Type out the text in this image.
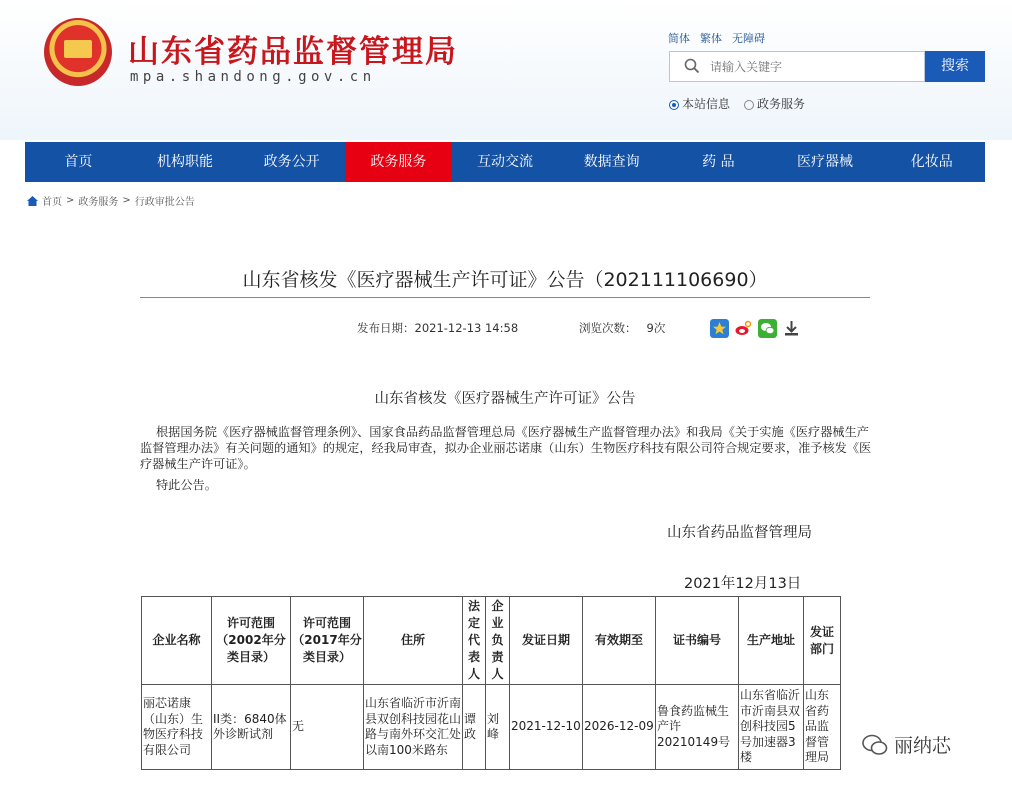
山东省药品监督管理局
mpa.shandong.gov.cn
简体 繁体 无障碍
请输入关键字
搜索
本站信息 政务服务
首页	机构职能	政务公开	政务服务	互动交流	数据查询	药 品	医疗器械	化妆品
首页 > 政务服务 > 行政审批公告
山东省核发《医疗器械生产许可证》公告（202111106690）
发布日期：2021-12-13 14:58	浏览次数： 9次
山东省核发《医疗器械生产许可证》公告
根据国务院《医疗器械监督管理条例》、国家食品药品监督管理总局《医疗器械生产监督管理办法》和我局《关于实施《医疗器械生产监督管理办法》有关问题的通知》的规定，经我局审查，拟办企业丽芯诺康（山东）生物医疗科技有限公司符合规定要求，准予核发《医疗器械生产许可证》。
特此公告。
山东省药品监督管理局
2021年12月13日
企业名称	许可范围（2002年分类目录）	许可范围（2017年分类目录）	住所	法定代表人	企业负责人	发证日期	有效期至	证书编号	生产地址	发证部门
丽芯诺康（山东）生物医疗科技有限公司	II类：6840体外诊断试剂	无	山东省临沂市沂南县双创科技园花山路与南外环交汇处以南100米路东	谭政	刘峰	2021-12-10	2026-12-09	鲁食药监械生产许20210149号	山东省临沂市沂南县双创科技园5号加速器3楼	山东省药品监督管理局
丽纳芯
